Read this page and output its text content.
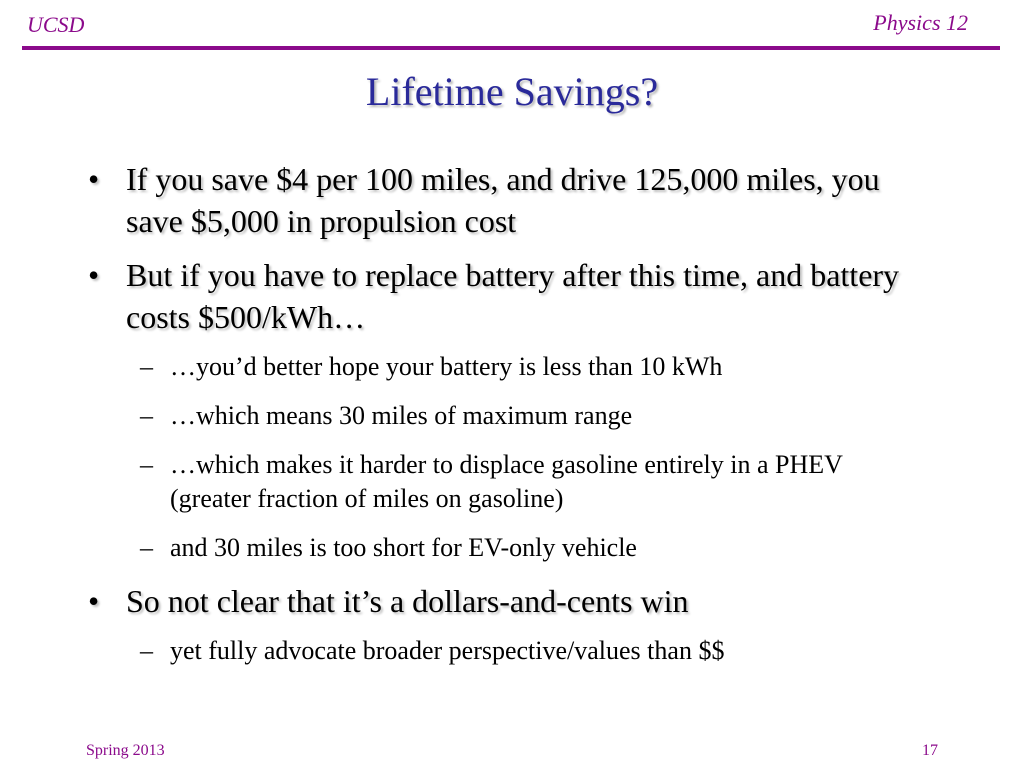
UCSD	Physics 12
Lifetime Savings?
• If you save $4 per 100 miles, and drive 125,000 miles, you save $5,000 in propulsion cost
• But if you have to replace battery after this time, and battery costs $500/kWh…
– …you’d better hope your battery is less than 10 kWh
– …which means 30 miles of maximum range
– …which makes it harder to displace gasoline entirely in a PHEV (greater fraction of miles on gasoline)
– and 30 miles is too short for EV-only vehicle
• So not clear that it’s a dollars-and-cents win
– yet fully advocate broader perspective/values than $$
Spring 2013	17
